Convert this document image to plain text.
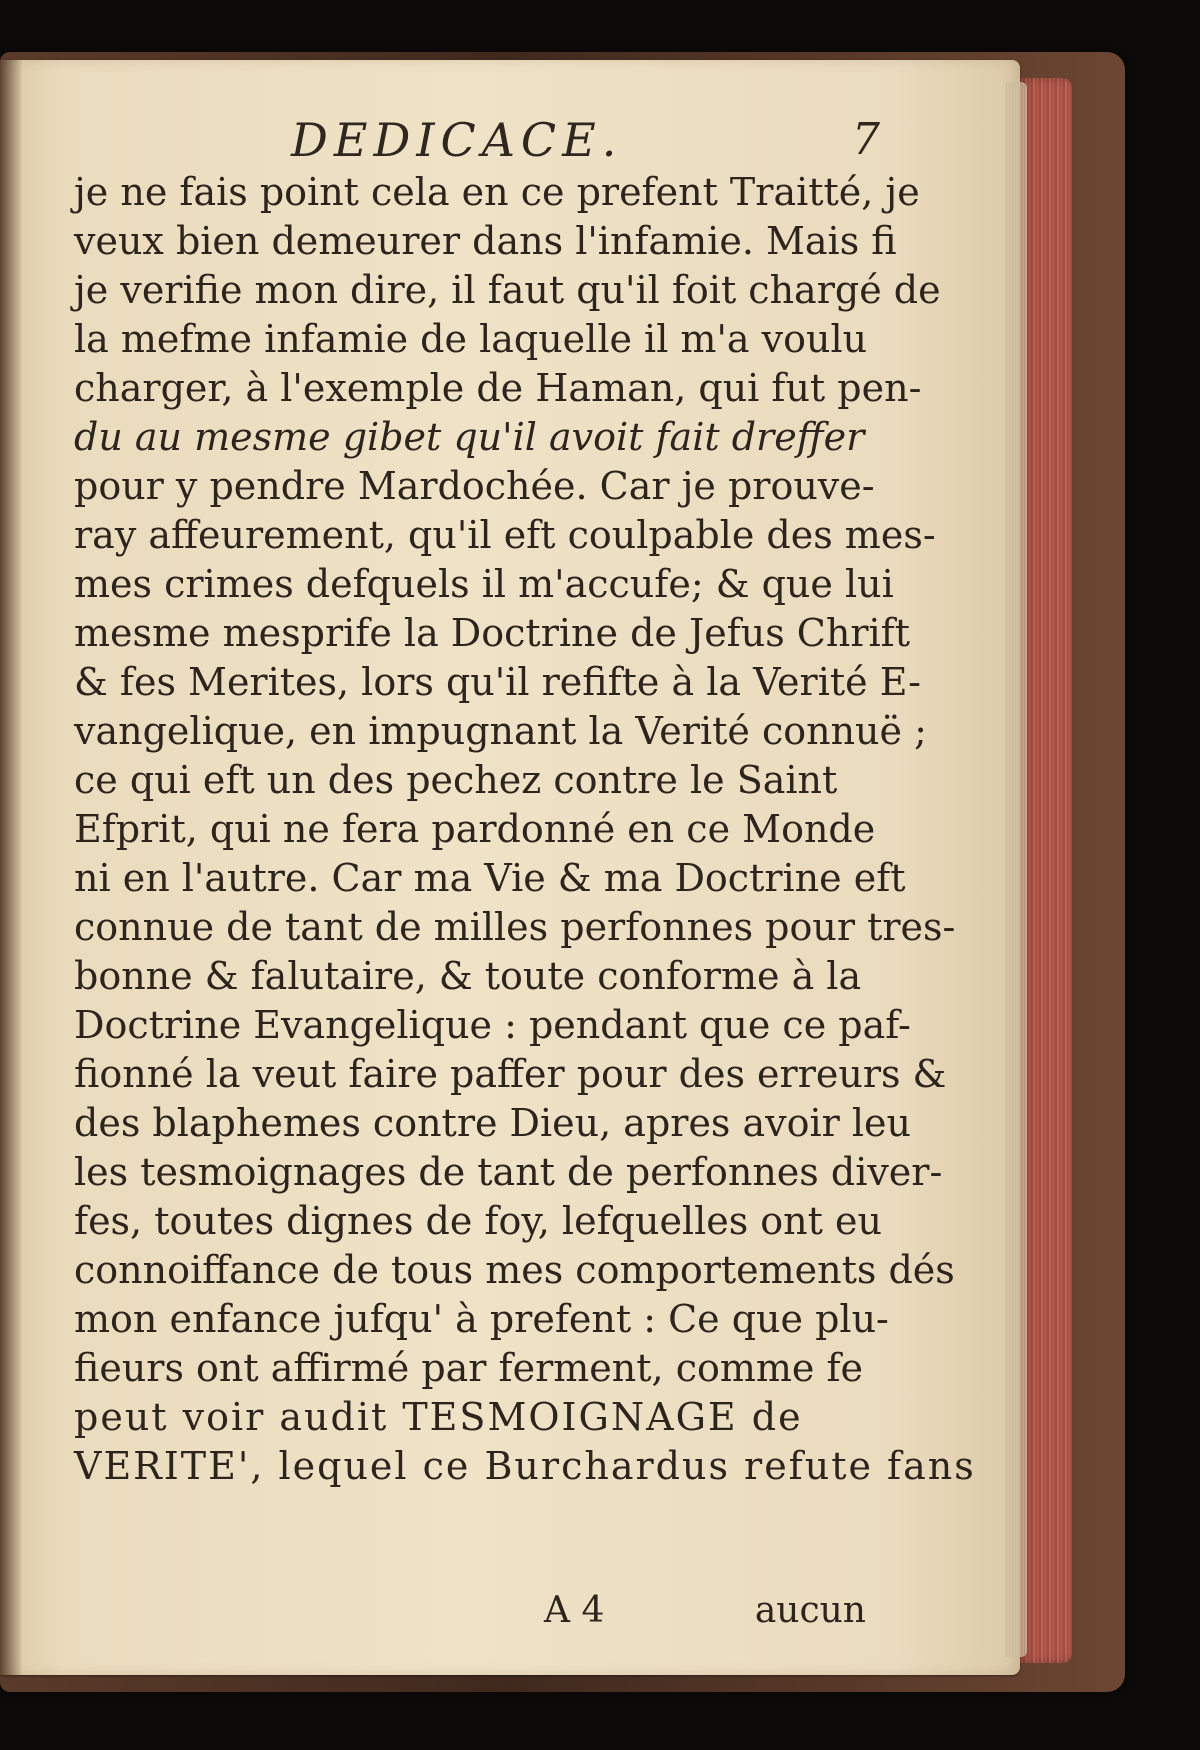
DEDICACE.	7
je ne fais point cela en ce prefent Traitté, je
veux bien demeurer dans l'infamie. Mais fi
je verifie mon dire, il faut qu'il foit chargé de
la mefme infamie de laquelle il m'a voulu
charger, à l'exemple de Haman, qui fut pen-
du au mesme gibet qu'il avoit fait dreffer
pour y pendre Mardochée. Car je prouve-
ray affeurement, qu'il eft coulpable des mes-
mes crimes defquels il m'accufe; & que lui
mesme mesprife la Doctrine de Jefus Chrift
& fes Merites, lors qu'il refifte à la Verité E-
vangelique, en impugnant la Verité connuë ;
ce qui eft un des pechez contre le Saint
Efprit, qui ne fera pardonné en ce Monde
ni en l'autre. Car ma Vie & ma Doctrine eft
connue de tant de milles perfonnes pour tres-
bonne & falutaire, & toute conforme à la
Doctrine Evangelique : pendant que ce paf-
fionné la veut faire paffer pour des erreurs &
des blaphemes contre Dieu, apres avoir leu
les tesmoignages de tant de perfonnes diver-
fes, toutes dignes de foy, lefquelles ont eu
connoiffance de tous mes comportements dés
mon enfance jufqu' à prefent : Ce que plu-
fieurs ont affirmé par ferment, comme fe
peut voir audit TESMOIGNAGE de
VERITE', lequel ce Burchardus refute fans
A 4	aucun
